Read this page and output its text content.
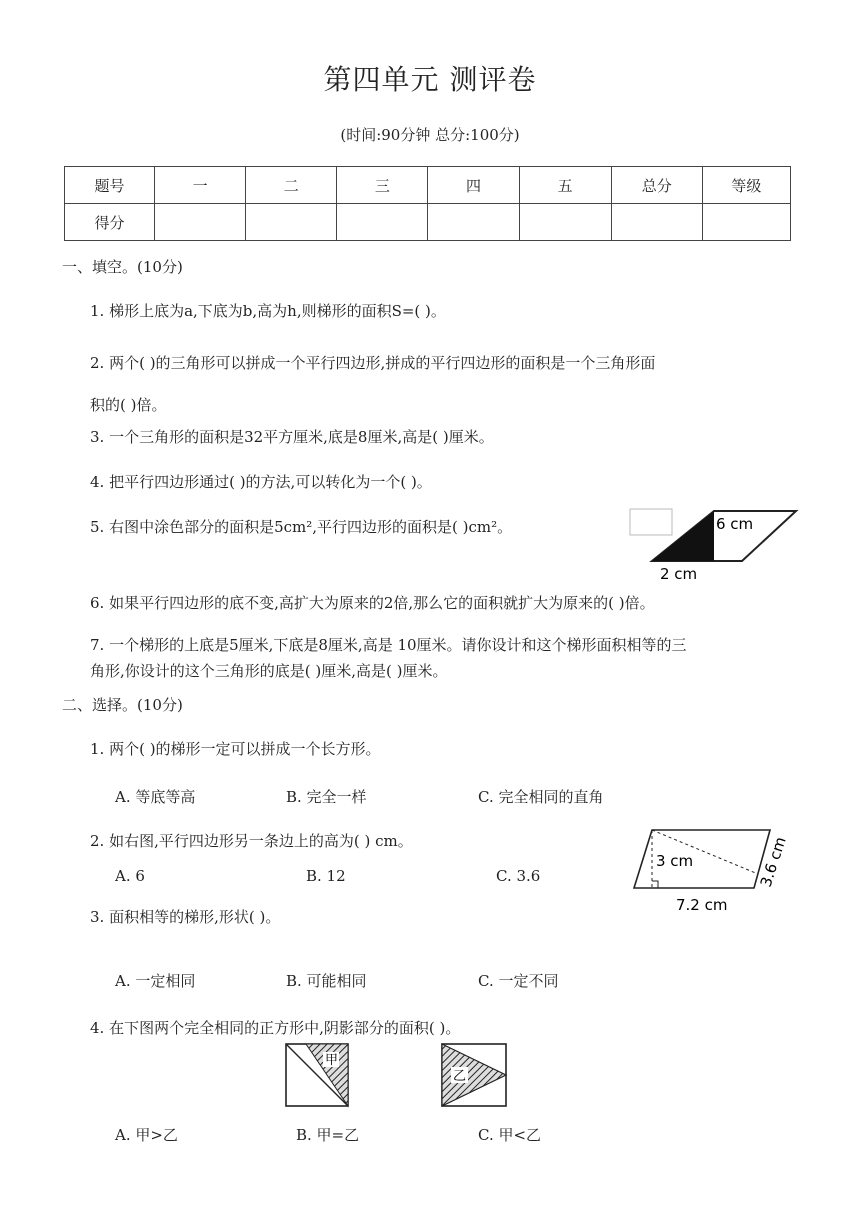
第四单元 测评卷
(时间:90分钟 总分:100分)
题号	一	二	三	四	五	总分	等级
得分							
一、填空。(10分)
1. 梯形上底为a,下底为b,高为h,则梯形的面积S=( )。
2. 两个( )的三角形可以拼成一个平行四边形,拼成的平行四边形的面积是一个三角形面
积的( )倍。
3. 一个三角形的面积是32平方厘米,底是8厘米,高是( )厘米。
4. 把平行四边形通过( )的方法,可以转化为一个( )。
5. 右图中涂色部分的面积是5cm²,平行四边形的面积是( )cm²。	6 cm
2 cm
6. 如果平行四边形的底不变,高扩大为原来的2倍,那么它的面积就扩大为原来的( )倍。
7. 一个梯形的上底是5厘米,下底是8厘米,高是 10厘米。请你设计和这个梯形面积相等的三
角形,你设计的这个三角形的底是( )厘米,高是( )厘米。
二、选择。(10分)
1. 两个( )的梯形一定可以拼成一个长方形。
A. 等底等高	B. 完全一样	C. 完全相同的直角
2. 如右图,平行四边形另一条边上的高为( ) cm。
A. 6	B. 12	C. 3.6
3 cm	3.6 cm
7.2 cm
3. 面积相等的梯形,形状( )。
A. 一定相同	B. 可能相同	C. 一定不同
4. 在下图两个完全相同的正方形中,阴影部分的面积( )。
甲
乙
A. 甲>乙	B. 甲=乙	C. 甲<乙
